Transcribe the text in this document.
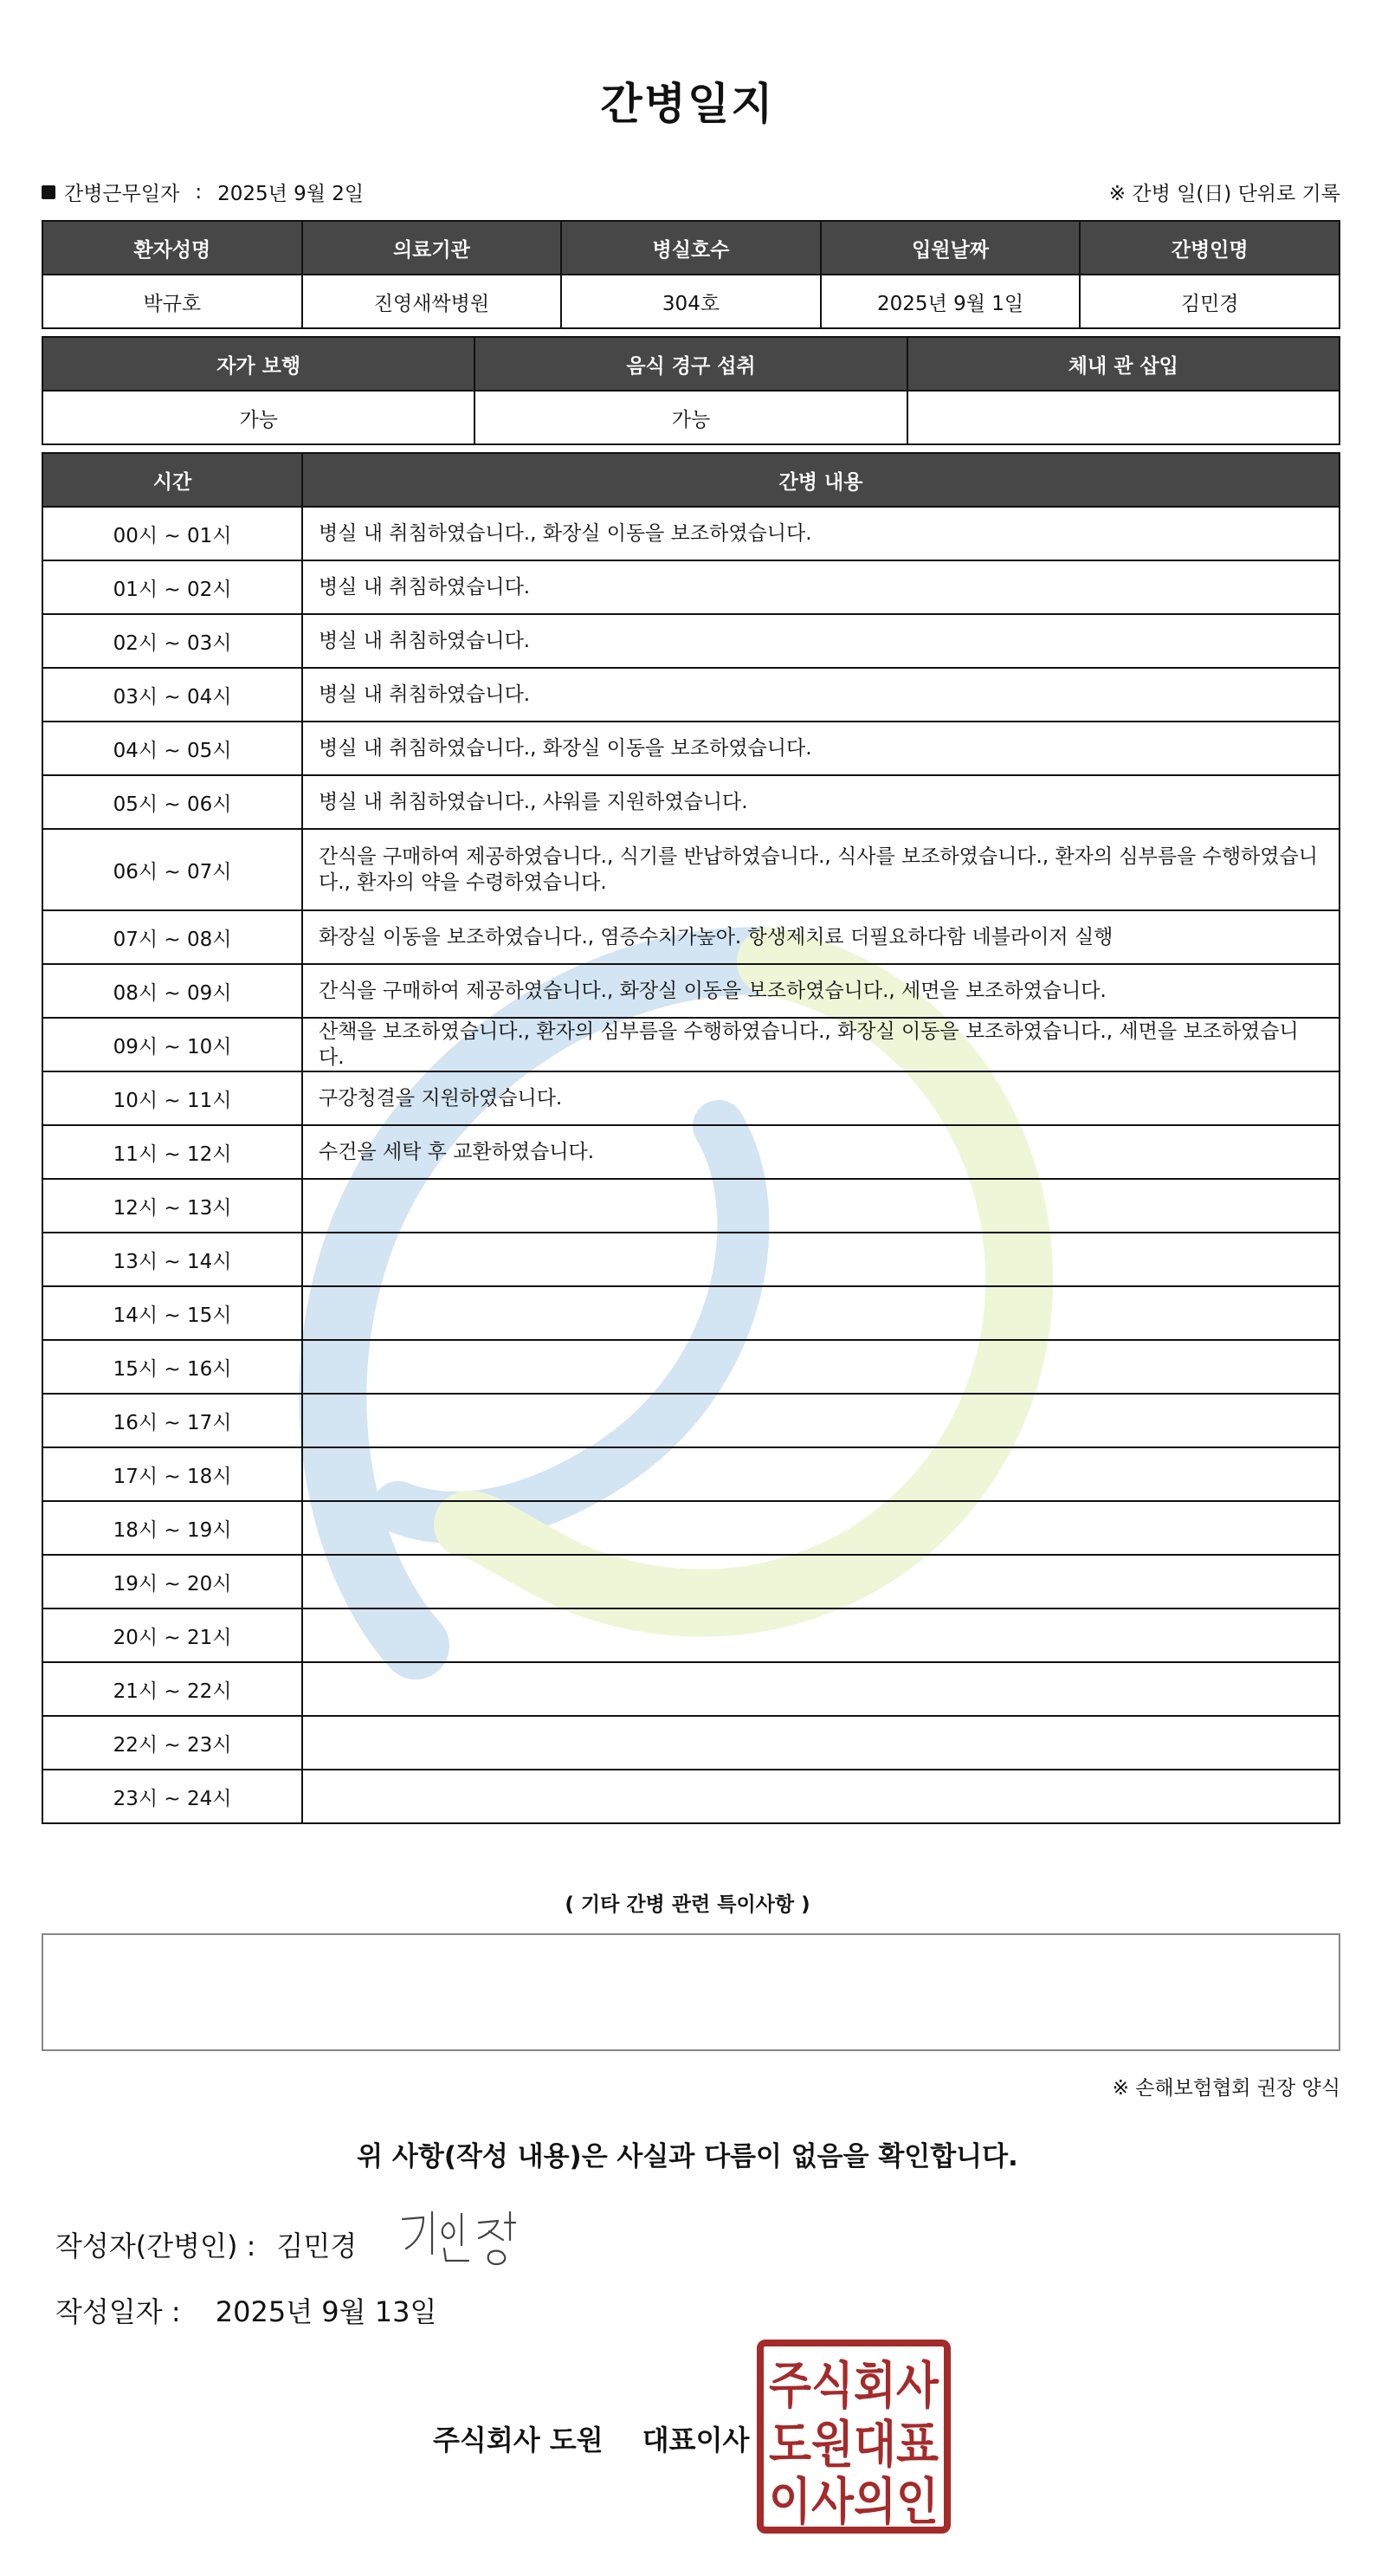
간병일지
간병근무일자 : 2025년 9월 2일	※ 간병 일(日) 단위로 기록
환자성명	의료기관	병실호수	입원날짜	간병인명
박규호	진영새싹병원	304호	2025년 9월 1일	김민경
자가 보행	음식 경구 섭취	체내 관 삽입
가능	가능	
시간	간병 내용
00시 ~ 01시	병실 내 취침하였습니다., 화장실 이동을 보조하였습니다.
01시 ~ 02시	병실 내 취침하였습니다.
02시 ~ 03시	병실 내 취침하였습니다.
03시 ~ 04시	병실 내 취침하였습니다.
04시 ~ 05시	병실 내 취침하였습니다., 화장실 이동을 보조하였습니다.
05시 ~ 06시	병실 내 취침하였습니다., 샤워를 지원하였습니다.
06시 ~ 07시	간식을 구매하여 제공하였습니다., 식기를 반납하였습니다., 식사를 보조하였습니다., 환자의 심부름을 수행하였습니다., 환자의 약을 수령하였습니다.
07시 ~ 08시	화장실 이동을 보조하였습니다., 염증수치가높아. 항생제치료 더필요하다함 네블라이저 실행
08시 ~ 09시	간식을 구매하여 제공하였습니다., 화장실 이동을 보조하였습니다., 세면을 보조하였습니다.
09시 ~ 10시	산책을 보조하였습니다., 환자의 심부름을 수행하였습니다., 화장실 이동을 보조하였습니다., 세면을 보조하였습니다.
10시 ~ 11시	구강청결을 지원하였습니다.
11시 ~ 12시	수건을 세탁 후 교환하였습니다.
12시 ~ 13시	
13시 ~ 14시	
14시 ~ 15시	
15시 ~ 16시	
16시 ~ 17시	
17시 ~ 18시	
18시 ~ 19시	
19시 ~ 20시	
20시 ~ 21시	
21시 ~ 22시	
22시 ~ 23시	
23시 ~ 24시	
( 기타 간병 관련 특이사항 )
※ 손해보험협회 권장 양식
위 사항(작성 내용)은 사실과 다름이 없음을 확인합니다.
작성자(간병인) : 김민경
작성일자 : 2025년 9월 13일
주식회사 도원 대표이사
주식회사
도원대표
이사의인
